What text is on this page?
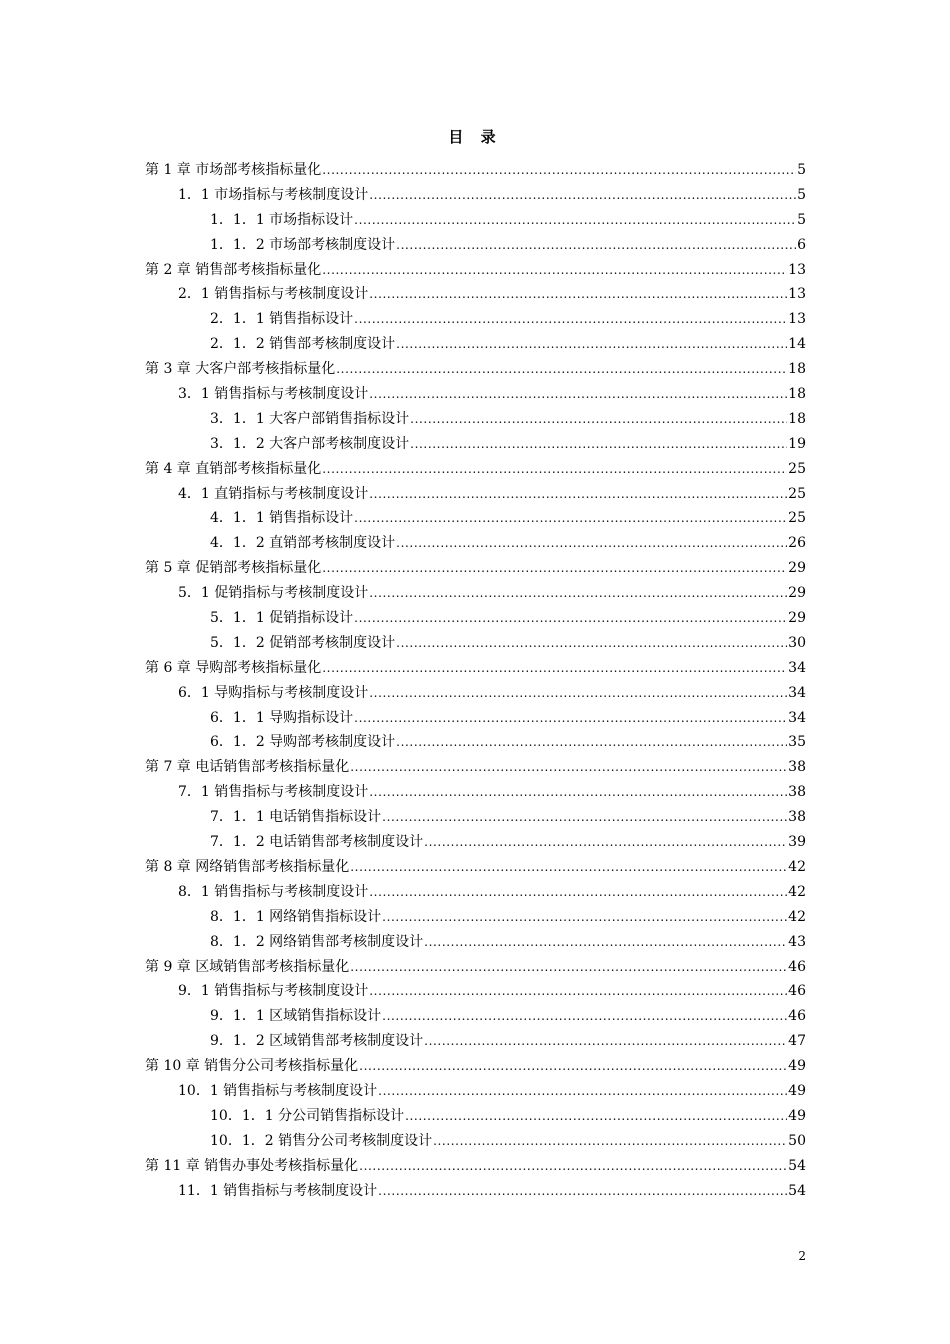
目 录
第 1 章 市场部考核指标量化 .....	5
1．1 市场指标与考核制度设计 .....	5
1．1．1 市场指标设计 .....	5
1．1．2 市场部考核制度设计 .....	6
第 2 章 销售部考核指标量化 .....	13
2．1 销售指标与考核制度设计 .....	13
2．1．1 销售指标设计 .....	13
2．1．2 销售部考核制度设计 .....	14
第 3 章 大客户部考核指标量化 .....	18
3．1 销售指标与考核制度设计 .....	18
3．1．1 大客户部销售指标设计 .....	18
3．1．2 大客户部考核制度设计 .....	19
第 4 章 直销部考核指标量化 .....	25
4．1 直销指标与考核制度设计 .....	25
4．1．1 销售指标设计 .....	25
4．1．2 直销部考核制度设计 .....	26
第 5 章 促销部考核指标量化 .....	29
5．1 促销指标与考核制度设计 .....	29
5．1．1 促销指标设计 .....	29
5．1．2 促销部考核制度设计 .....	30
第 6 章 导购部考核指标量化 .....	34
6．1 导购指标与考核制度设计 .....	34
6．1．1 导购指标设计 .....	34
6．1．2 导购部考核制度设计 .....	35
第 7 章 电话销售部考核指标量化 .....	38
7．1 销售指标与考核制度设计 .....	38
7．1．1 电话销售指标设计 .....	38
7．1．2 电话销售部考核制度设计 .....	39
第 8 章 网络销售部考核指标量化 .....	42
8．1 销售指标与考核制度设计 .....	42
8．1．1 网络销售指标设计 .....	42
8．1．2 网络销售部考核制度设计 .....	43
第 9 章 区域销售部考核指标量化 .....	46
9．1 销售指标与考核制度设计 .....	46
9．1．1 区域销售指标设计 .....	46
9．1．2 区域销售部考核制度设计 .....	47
第 10 章 销售分公司考核指标量化 .....	49
10．1 销售指标与考核制度设计 .....	49
10．1．1 分公司销售指标设计 .....	49
10．1．2 销售分公司考核制度设计 .....	50
第 11 章 销售办事处考核指标量化 .....	54
11．1 销售指标与考核制度设计 .....	54
2
